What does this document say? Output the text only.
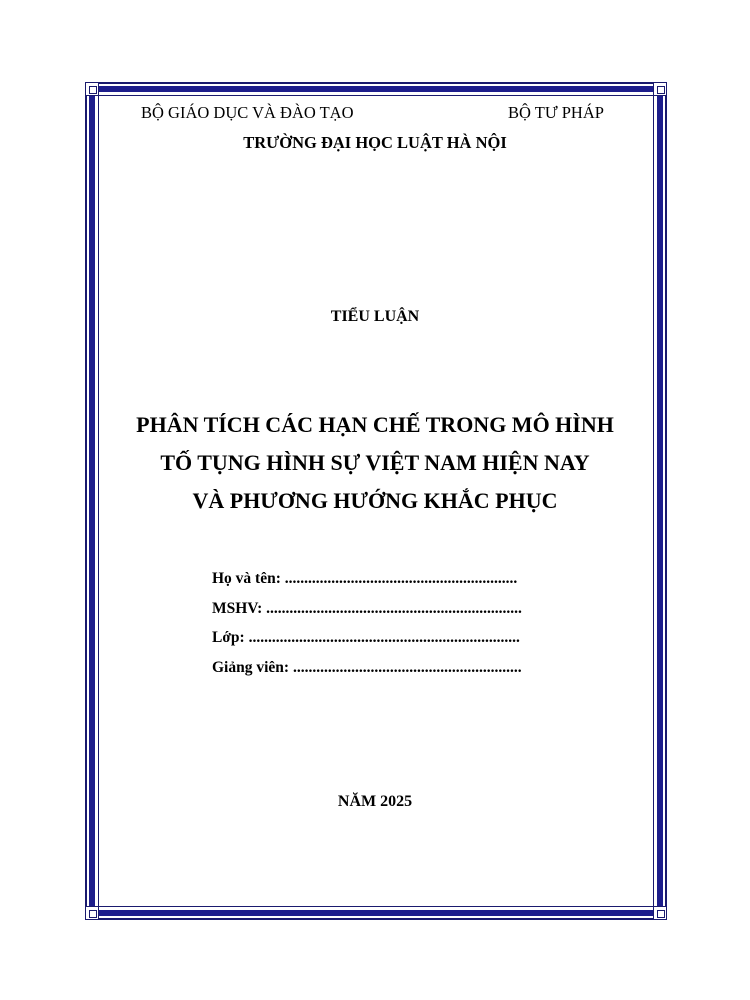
BỘ GIÁO DỤC VÀ ĐÀO TẠO	BỘ TƯ PHÁP
TRƯỜNG ĐẠI HỌC LUẬT HÀ NỘI
TIỂU LUẬN
PHÂN TÍCH CÁC HẠN CHẾ TRONG MÔ HÌNH
TỐ TỤNG HÌNH SỰ VIỆT NAM HIỆN NAY
VÀ PHƯƠNG HƯỚNG KHẮC PHỤC
Họ và tên: ............................................................
MSHV: ..................................................................
Lớp: ......................................................................
Giảng viên: ...........................................................
NĂM 2025
